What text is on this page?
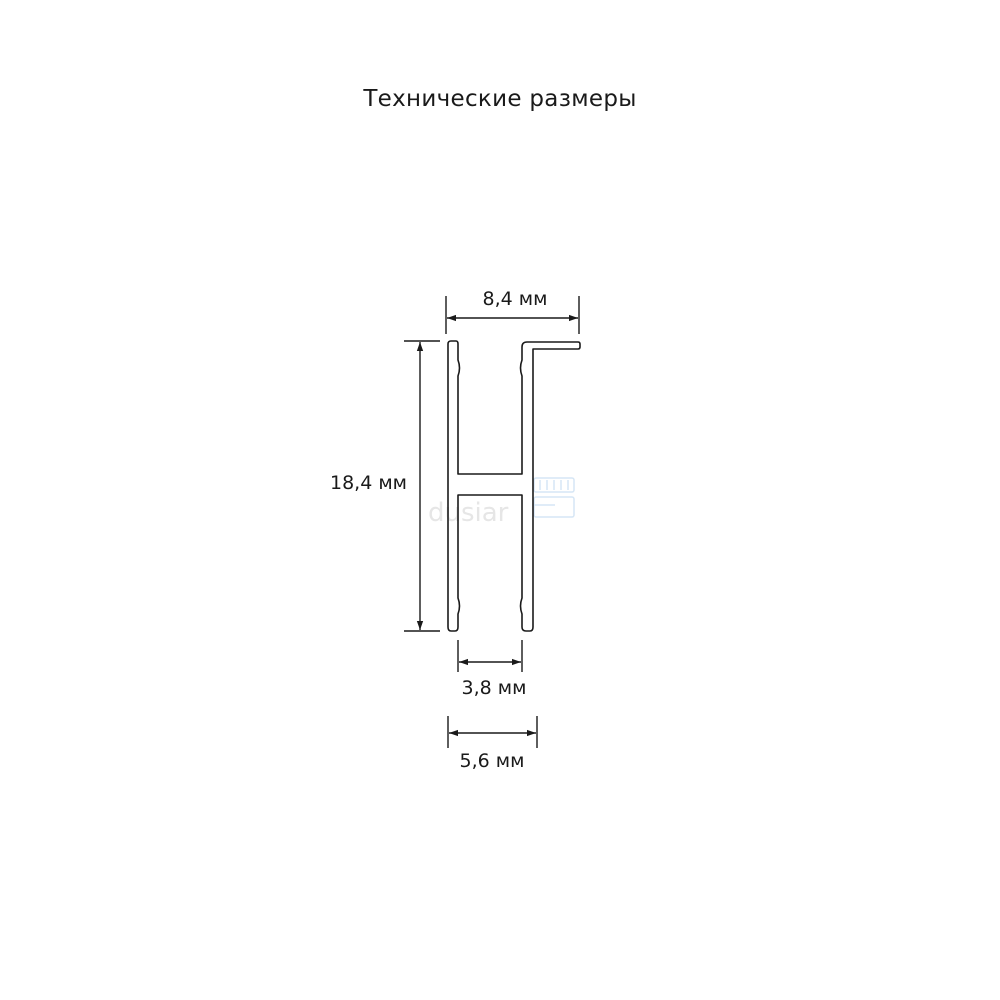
Технические размеры
dusiar
8,4 мм
18,4 мм
3,8 мм
5,6 мм
